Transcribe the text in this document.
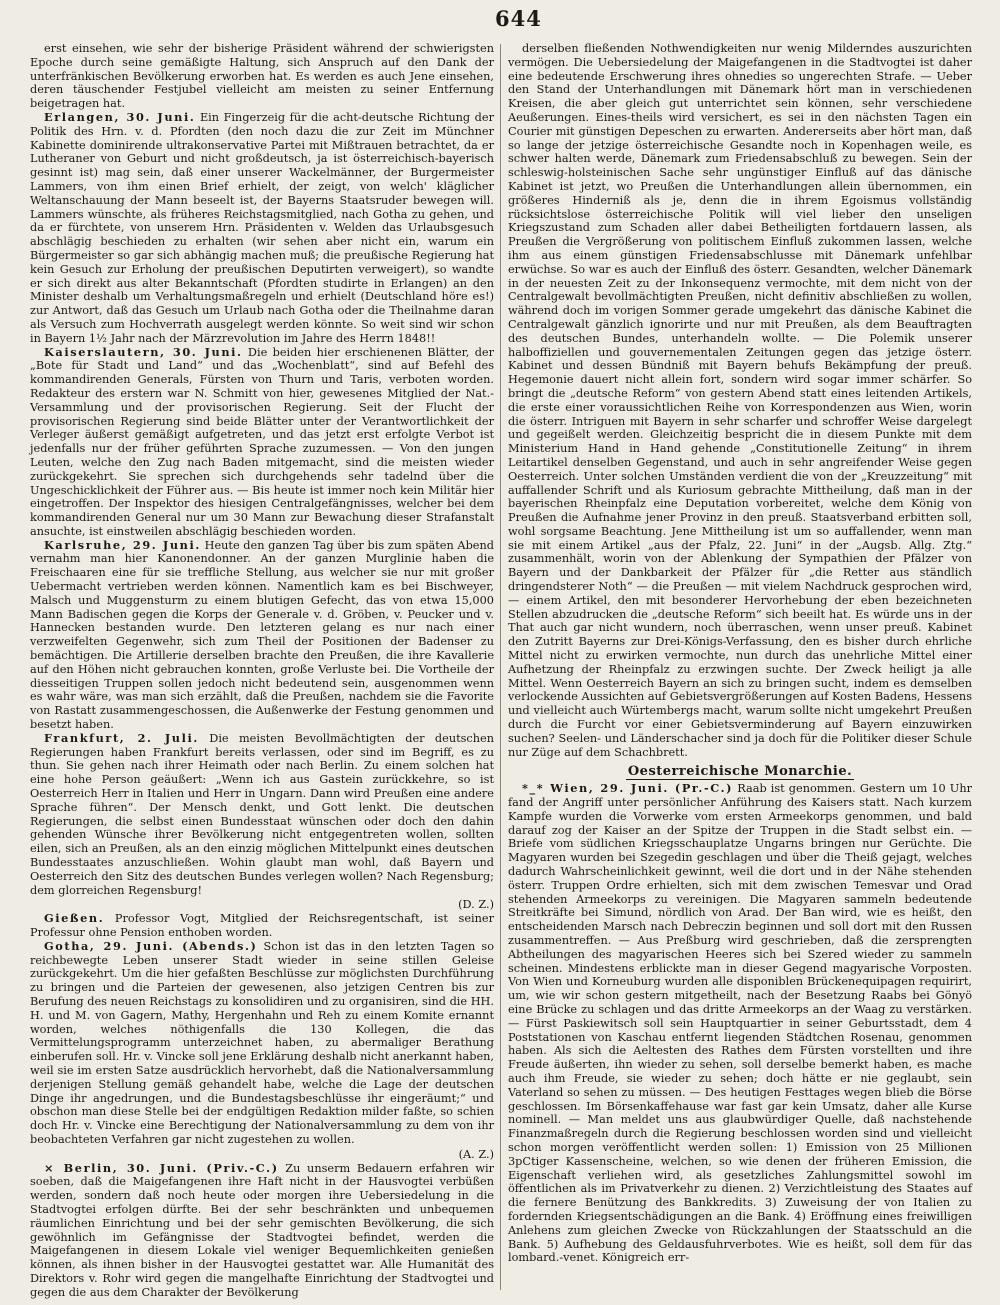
644

erst einsehen, wie sehr der bisherige Präsident während der schwierigsten Epoche durch seine gemäßigte Haltung, sich Anspruch auf den Dank der unterfränkischen Bevölkerung erworben hat. Es werden es auch Jene einsehen, deren täuschender Festjubel vielleicht am meisten zu seiner Entfernung beigetragen hat.

Erlangen, 30. Juni. Ein Fingerzeig für die acht-deutsche Richtung der Politik des Hrn. v. d. Pfordten (den noch dazu die zur Zeit im Münchner Kabinette dominirende ultrakonservative Partei mit Mißtrauen betrachtet, da er Lutheraner von Geburt und nicht großdeutsch, ja ist österreichisch-bayerisch gesinnt ist) mag sein, daß einer unserer Wackelmänner, der Burgermeister Lammers, von ihm einen Brief erhielt, der zeigt, von welch' kläglicher Weltanschauung der Mann beseelt ist, der Bayerns Staatsruder bewegen will. Lammers wünschte, als früheres Reichstagsmitglied, nach Gotha zu gehen, und da er fürchtete, von unserem Hrn. Präsidenten v. Welden das Urlaubsgesuch abschlägig beschieden zu erhalten (wir sehen aber nicht ein, warum ein Bürgermeister so gar sich abhängig machen muß; die preußische Regierung hat kein Gesuch zur Erholung der preußischen Deputirten verweigert), so wandte er sich direkt aus alter Bekanntschaft (Pfordten studirte in Erlangen) an den Minister deshalb um Verhaltungsmaßregeln und erhielt (Deutschland höre es!) zur Antwort, daß das Gesuch um Urlaub nach Gotha oder die Theilnahme daran als Versuch zum Hochverrath ausgelegt werden könnte. So weit sind wir schon in Bayern 1½ Jahr nach der Märzrevolution im Jahre des Herrn 1848!!

Kaiserslautern, 30. Juni. Die beiden hier erschienenen Blätter, der „Bote für Stadt und Land“ und das „Wochenblatt“, sind auf Befehl des kommandirenden Generals, Fürsten von Thurn und Taris, verboten worden. Redakteur des erstern war N. Schmitt von hier, gewesenes Mitglied der Nat.-Versammlung und der provisorischen Regierung. Seit der Flucht der provisorischen Regierung sind beide Blätter unter der Verantwortlichkeit der Verleger äußerst gemäßigt aufgetreten, und das jetzt erst erfolgte Verbot ist jedenfalls nur der früher geführten Sprache zuzumessen. — Von den jungen Leuten, welche den Zug nach Baden mitgemacht, sind die meisten wieder zurückgekehrt. Sie sprechen sich durchgehends sehr tadelnd über die Ungeschicklichkeit der Führer aus. — Bis heute ist immer noch kein Militär hier eingetroffen. Der Inspektor des hiesigen Centralgefängnisses, welcher bei dem kommandirenden General nur um 30 Mann zur Bewachung dieser Strafanstalt ansuchte, ist einstweilen abschlägig beschieden worden.

Karlsruhe, 29. Juni. Heute den ganzen Tag über bis zum späten Abend vernahm man hier Kanonendonner. An der ganzen Murglinie haben die Freischaaren eine für sie treffliche Stellung, aus welcher sie nur mit großer Uebermacht vertrieben werden können. Namentlich kam es bei Bischweyer, Malsch und Muggensturm zu einem blutigen Gefecht, das von etwa 15,000 Mann Badischen gegen die Korps der Generale v. d. Gröben, v. Peucker und v. Hannecken bestanden wurde. Den letzteren gelang es nur nach einer verzweifelten Gegenwehr, sich zum Theil der Positionen der Badenser zu bemächtigen. Die Artillerie derselben brachte den Preußen, die ihre Kavallerie auf den Höhen nicht gebrauchen konnten, große Verluste bei. Die Vortheile der diesseitigen Truppen sollen jedoch nicht bedeutend sein, ausgenommen wenn es wahr wäre, was man sich erzählt, daß die Preußen, nachdem sie die Favorite von Rastatt zusammengeschossen, die Außenwerke der Festung genommen und besetzt haben.

Frankfurt, 2. Juli. Die meisten Bevollmächtigten der deutschen Regierungen haben Frankfurt bereits verlassen, oder sind im Begriff, es zu thun. Sie gehen nach ihrer Heimath oder nach Berlin. Zu einem solchen hat eine hohe Person geäußert: „Wenn ich aus Gastein zurückkehre, so ist Oesterreich Herr in Italien und Herr in Ungarn. Dann wird Preußen eine andere Sprache führen“. Der Mensch denkt, und Gott lenkt. Die deutschen Regierungen, die selbst einen Bundesstaat wünschen oder doch den dahin gehenden Wünsche ihrer Bevölkerung nicht entgegentreten wollen, sollten eilen, sich an Preußen, als an den einzig möglichen Mittelpunkt eines deutschen Bundesstaates anzuschließen. Wohin glaubt man wohl, daß Bayern und Oesterreich den Sitz des deutschen Bundes verlegen wollen? Nach Regensburg; dem glorreichen Regensburg!
(D. Z.)

Gießen. Professor Vogt, Mitglied der Reichsregentschaft, ist seiner Professur ohne Pension enthoben worden.

Gotha, 29. Juni. (Abends.) Schon ist das in den letzten Tagen so reichbewegte Leben unserer Stadt wieder in seine stillen Geleise zurückgekehrt. Um die hier gefaßten Beschlüsse zur möglichsten Durchführung zu bringen und die Parteien der gewesenen, also jetzigen Centren bis zur Berufung des neuen Reichstags zu konsolidiren und zu organisiren, sind die HH. H. und M. von Gagern, Mathy, Hergenhahn und Reh zu einem Komite ernannt worden, welches nöthigenfalls die 130 Kollegen, die das Vermittelungsprogramm unterzeichnet haben, zu abermaliger Berathung einberufen soll. Hr. v. Vincke soll jene Erklärung deshalb nicht anerkannt haben, weil sie im ersten Satze ausdrücklich hervorhebt, daß die Nationalversammlung derjenigen Stellung gemäß gehandelt habe, welche die Lage der deutschen Dinge ihr angedrungen, und die Bundestagsbeschlüsse ihr eingeräumt;“ und obschon man diese Stelle bei der endgültigen Redaktion milder faßte, so schien doch Hr. v. Vincke eine Berechtigung der Nationalversammlung zu dem von ihr beobachteten Verfahren gar nicht zugestehen zu wollen.
(A. Z.)

× Berlin, 30. Juni. (Priv.-C.) Zu unserm Bedauern erfahren wir soeben, daß die Maigefangenen ihre Haft nicht in der Hausvogtei verbüßen werden, sondern daß noch heute oder morgen ihre Uebersiedelung in die Stadtvogtei erfolgen dürfte. Bei der sehr beschränkten und unbequemen räumlichen Einrichtung und bei der sehr gemischten Bevölkerung, die sich gewöhnlich im Gefängnisse der Stadtvogtei befindet, werden die Maigefangenen in diesem Lokale viel weniger Bequemlichkeiten genießen können, als ihnen bisher in der Hausvogtei gestattet war. Alle Humanität des Direktors v. Rohr wird gegen die mangelhafte Einrichtung der Stadtvogtei und gegen die aus dem Charakter der Bevölkerung

derselben fließenden Nothwendigkeiten nur wenig Milderndes auszurichten vermögen. Die Uebersiedelung der Maigefangenen in die Stadtvogtei ist daher eine bedeutende Erschwerung ihres ohnedies so ungerechten Strafe. — Ueber den Stand der Unterhandlungen mit Dänemark hört man in verschiedenen Kreisen, die aber gleich gut unterrichtet sein können, sehr verschiedene Aeußerungen. Eines-theils wird versichert, es sei in den nächsten Tagen ein Courier mit günstigen Depeschen zu erwarten. Andererseits aber hört man, daß so lange der jetzige österreichische Gesandte noch in Kopenhagen weile, es schwer halten werde, Dänemark zum Friedensabschluß zu bewegen. Sein der schleswig-holsteinischen Sache sehr ungünstiger Einfluß auf das dänische Kabinet ist jetzt, wo Preußen die Unterhandlungen allein übernommen, ein größeres Hinderniß als je, denn die in ihrem Egoismus vollständig rücksichtslose österreichische Politik will viel lieber den unseligen Kriegszustand zum Schaden aller dabei Betheiligten fortdauern lassen, als Preußen die Vergrößerung von politischem Einfluß zukommen lassen, welche ihm aus einem günstigen Friedensabschlusse mit Dänemark unfehlbar erwüchse. So war es auch der Einfluß des österr. Gesandten, welcher Dänemark in der neuesten Zeit zu der Inkonsequenz vermochte, mit dem nicht von der Centralgewalt bevollmächtigten Preußen, nicht definitiv abschließen zu wollen, während doch im vorigen Sommer gerade umgekehrt das dänische Kabinet die Centralgewalt gänzlich ignorirte und nur mit Preußen, als dem Beauftragten des deutschen Bundes, unterhandeln wollte. — Die Polemik unserer halboffiziellen und gouvernementalen Zeitungen gegen das jetzige österr. Kabinet und dessen Bündniß mit Bayern behufs Bekämpfung der preuß. Hegemonie dauert nicht allein fort, sondern wird sogar immer schärfer. So bringt die „deutsche Reform“ von gestern Abend statt eines leitenden Artikels, die erste einer voraussichtlichen Reihe von Korrespondenzen aus Wien, worin die österr. Intriguen mit Bayern in sehr scharfer und schroffer Weise dargelegt und gegeißelt werden. Gleichzeitig bespricht die in diesem Punkte mit dem Ministerium Hand in Hand gehende „Constitutionelle Zeitung“ in ihrem Leitartikel denselben Gegenstand, und auch in sehr angreifender Weise gegen Oesterreich. Unter solchen Umständen verdient die von der „Kreuzzeitung“ mit auffallender Schrift und als Kuriosum gebrachte Mittheilung, daß man in der bayerischen Rheinpfalz eine Deputation vorbereitet, welche dem König von Preußen die Aufnahme jener Provinz in den preuß. Staatsverband erbitten soll, wohl sorgsame Beachtung. Jene Mittheilung ist um so auffallender, wenn man sie mit einem Artikel „aus der Pfalz, 22. Juni“ in der „Augsb. Allg. Ztg.“ zusammenhält, worin von der Ablenkung der Sympathien der Pfälzer von Bayern und der Dankbarkeit der Pfälzer für „die Retter aus ständlich dringendsterer Noth“ — die Preußen — mit vielem Nachdruck gesprochen wird, — einem Artikel, den mit besonderer Hervorhebung der eben bezeichneten Stellen abzudrucken die „deutsche Reform“ sich beeilt hat. Es würde uns in der That auch gar nicht wundern, noch überraschen, wenn unser preuß. Kabinet den Zutritt Bayerns zur Drei-Königs-Verfassung, den es bisher durch ehrliche Mittel nicht zu erwirken vermochte, nun durch das unehrliche Mittel einer Aufhetzung der Rheinpfalz zu erzwingen suchte. Der Zweck heiligt ja alle Mittel. Wenn Oesterreich Bayern an sich zu bringen sucht, indem es demselben verlockende Aussichten auf Gebietsvergrößerungen auf Kosten Badens, Hessens und vielleicht auch Würtembergs macht, warum sollte nicht umgekehrt Preußen durch die Furcht vor einer Gebietsverminderung auf Bayern einzuwirken suchen? Seelen- und Länderschacher sind ja doch für die Politiker dieser Schule nur Züge auf dem Schachbrett.

Oesterreichische Monarchie.

*_* Wien, 29. Juni. (Pr.-C.) Raab ist genommen. Gestern um 10 Uhr fand der Angriff unter persönlicher Anführung des Kaisers statt. Nach kurzem Kampfe wurden die Vorwerke vom ersten Armeekorps genommen, und bald darauf zog der Kaiser an der Spitze der Truppen in die Stadt selbst ein. — Briefe vom südlichen Kriegsschauplatze Ungarns bringen nur Gerüchte. Die Magyaren wurden bei Szegedin geschlagen und über die Theiß gejagt, welches dadurch Wahrscheinlichkeit gewinnt, weil die dort und in der Nähe stehenden österr. Truppen Ordre erhielten, sich mit dem zwischen Temesvar und Orad stehenden Armeekorps zu vereinigen. Die Magyaren sammeln bedeutende Streitkräfte bei Simund, nördlich von Arad. Der Ban wird, wie es heißt, den entscheidenden Marsch nach Debreczin beginnen und soll dort mit den Russen zusammentreffen. — Aus Preßburg wird geschrieben, daß die zersprengten Abtheilungen des magyarischen Heeres sich bei Szered wieder zu sammeln scheinen. Mindestens erblickte man in dieser Gegend magyarische Vorposten. Von Wien und Korneuburg wurden alle disponiblen Brückenequipagen requirirt, um, wie wir schon gestern mitgetheilt, nach der Besetzung Raabs bei Gönyö eine Brücke zu schlagen und das dritte Armeekorps an der Waag zu verstärken. — Fürst Paskiewitsch soll sein Hauptquartier in seiner Geburtsstadt, dem 4 Poststationen von Kaschau entfernt liegenden Städtchen Rosenau, genommen haben. Als sich die Aeltesten des Rathes dem Fürsten vorstellten und ihre Freude äußerten, ihn wieder zu sehen, soll derselbe bemerkt haben, es mache auch ihm Freude, sie wieder zu sehen; doch hätte er nie geglaubt, sein Vaterland so sehen zu müssen. — Des heutigen Festtages wegen blieb die Börse geschlossen. Im Börsenkaffehause war fast gar kein Umsatz, daher alle Kurse nominell. — Man meldet uns aus glaubwürdiger Quelle, daß nachstehende Finanzmaßregeln durch die Regierung beschlossen worden sind und vielleicht schon morgen veröffentlicht werden sollen: 1) Emission von 25 Millionen 3pCtiger Kassenscheine, welchen, so wie denen der früheren Emission, die Eigenschaft verliehen wird, als gesetzliches Zahlungsmittel sowohl im öffentlichen als im Privatverkehr zu dienen. 2) Verzichtleistung des Staates auf die fernere Benützung des Bankkredits. 3) Zuweisung der von Italien zu fordernden Kriegsentschädigungen an die Bank. 4) Eröffnung eines freiwilligen Anlehens zum gleichen Zwecke von Rückzahlungen der Staatsschuld an die Bank. 5) Aufhebung des Geldausfuhrverbotes. Wie es heißt, soll dem für das lombard.-venet. Königreich err-
